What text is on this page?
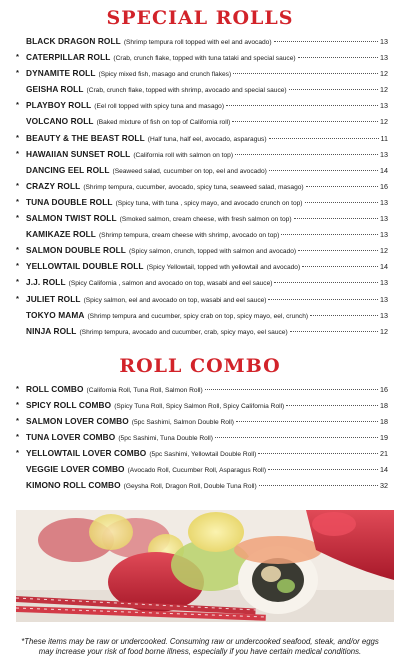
SPECIAL ROLLS
BLACK DRAGON ROLL (Shrimp tempura roll topped with eel and avocado)	13
* CATERPILLAR ROLL (Crab, crunch flake, topped with tuna tataki and special sauce)	13
* DYNAMITE ROLL (Spicy mixed fish, masago and crunch flakes)	12
GEISHA ROLL (Crab, crunch flake, topped with shrimp, avocado and special sauce)	12
* PLAYBOY ROLL (Eel roll topped with spicy tuna and masago)	13
VOLCANO ROLL (Baked mixture of fish on top of California roll)	12
* BEAUTY & THE BEAST ROLL (Half tuna, half eel, avocado, asparagus)	11
* HAWAIIAN SUNSET ROLL (California roll with salmon on top)	13
DANCING EEL ROLL (Seaweed salad, cucumber on top, eel and avocado)	14
* CRAZY ROLL (Shrimp tempura, cucumber, avocado, spicy tuna, seaweed salad, masago)	16
* TUNA DOUBLE ROLL (Spicy tuna, with tuna , spicy mayo, and avocado crunch on top)	13
* SALMON TWIST ROLL (Smoked salmon, cream cheese, with fresh salmon on top)	13
KAMIKAZE ROLL (Shrimp tempura, cream cheese with shrimp, avocado on top)	13
* SALMON DOUBLE ROLL (Spicy salmon, crunch, topped with salmon and avocado)	12
* YELLOWTAIL DOUBLE ROLL (Spicy Yellowtail, topped wth yellowtail and avocado)	14
* J.J. ROLL (Spicy California , salmon and avocado on top, wasabi and eel sauce)	13
* JULIET ROLL (Spicy salmon, eel and avocado on top, wasabi and eel sauce)	13
TOKYO MAMA (Shrimp tempura and cucumber, spicy crab on top, spicy mayo, eel, crunch)	13
NINJA ROLL (Shrimp tempura, avocado and cucumber, crab, spicy mayo, eel sauce)	12
ROLL COMBO
* ROLL COMBO (California Roll, Tuna Roll, Salmon Roll)	16
* SPICY ROLL COMBO (Spicy Tuna Roll, Spicy Salmon Roll, Spicy California Roll)	18
* SALMON LOVER COMBO (5pc Sashimi, Salmon Double Roll)	18
* TUNA LOVER COMBO (5pc Sashimi, Tuna Double Roll)	19
* YELLOWTAIL LOVER COMBO (5pc Sashimi, Yellowtail Double Roll)	21
VEGGIE LOVER COMBO (Avocado Roll, Cucumber Roll, Asparagus Roll)	14
KIMONO ROLL COMBO (Geysha Roll, Dragon Roll, Double Tuna Roll)	32
*These items may be raw or undercooked. Consuming raw or undercooked seafood, steak, and/or eggs
may increase your risk of food borne illness, especially if you have certain medical conditions.
